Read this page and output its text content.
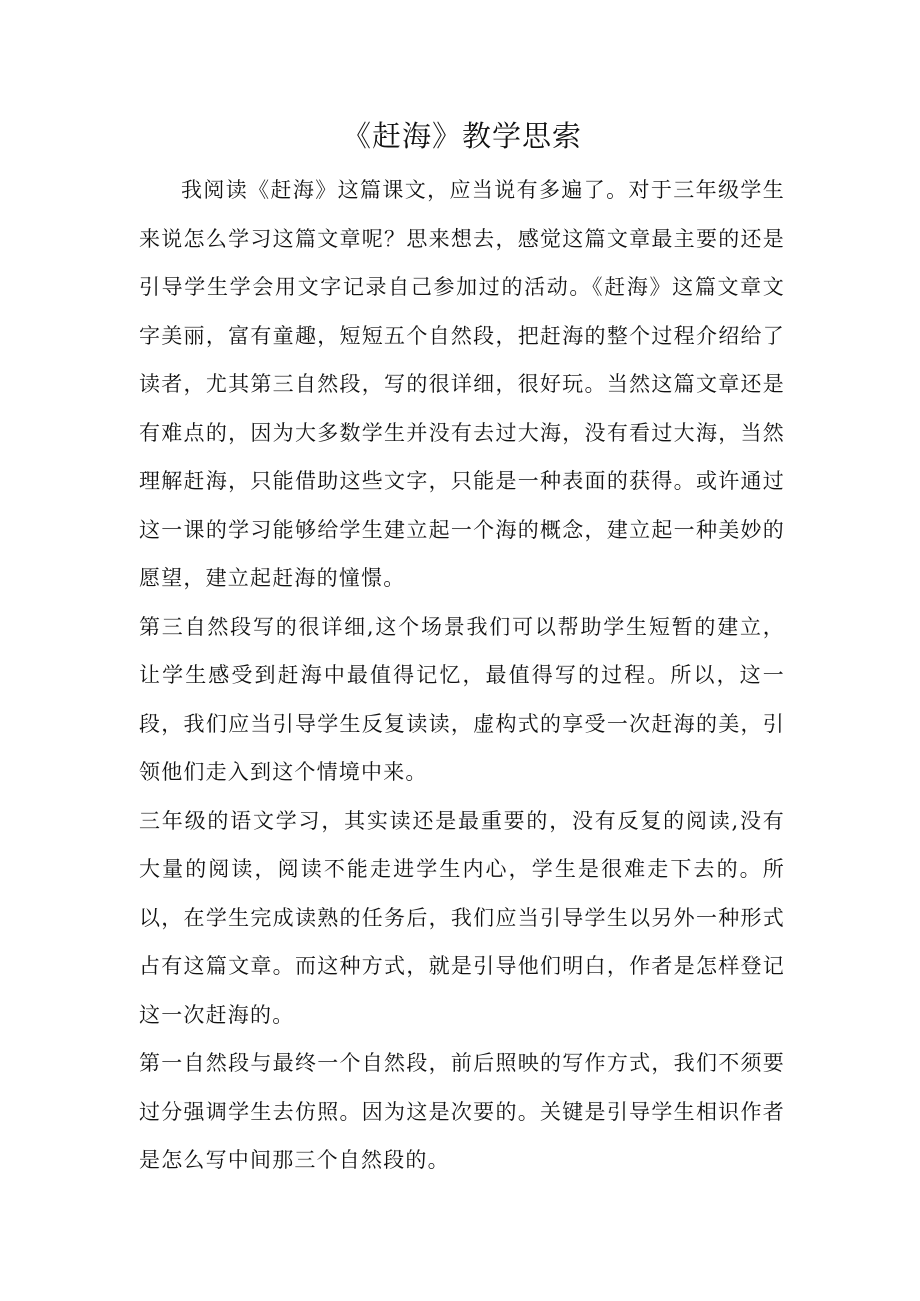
《赶海》教学思索

我阅读《赶海》这篇课文，应当说有多遍了。对于三年级学生来说怎么学习这篇文章呢？思来想去，感觉这篇文章最主要的还是引导学生学会用文字记录自己参加过的活动。《赶海》这篇文章文字美丽，富有童趣，短短五个自然段，把赶海的整个过程介绍给了读者，尤其第三自然段，写的很详细，很好玩。当然这篇文章还是有难点的，因为大多数学生并没有去过大海，没有看过大海，当然理解赶海，只能借助这些文字，只能是一种表面的获得。或许通过这一课的学习能够给学生建立起一个海的概念，建立起一种美妙的愿望，建立起赶海的憧憬。

第三自然段写的很详细,这个场景我们可以帮助学生短暂的建立，让学生感受到赶海中最值得记忆，最值得写的过程。所以，这一段，我们应当引导学生反复读读，虚构式的享受一次赶海的美，引领他们走入到这个情境中来。

三年级的语文学习，其实读还是最重要的，没有反复的阅读,没有大量的阅读，阅读不能走进学生内心，学生是很难走下去的。所以，在学生完成读熟的任务后，我们应当引导学生以另外一种形式占有这篇文章。而这种方式，就是引导他们明白，作者是怎样登记这一次赶海的。

第一自然段与最终一个自然段，前后照映的写作方式，我们不须要过分强调学生去仿照。因为这是次要的。关键是引导学生相识作者是怎么写中间那三个自然段的。
